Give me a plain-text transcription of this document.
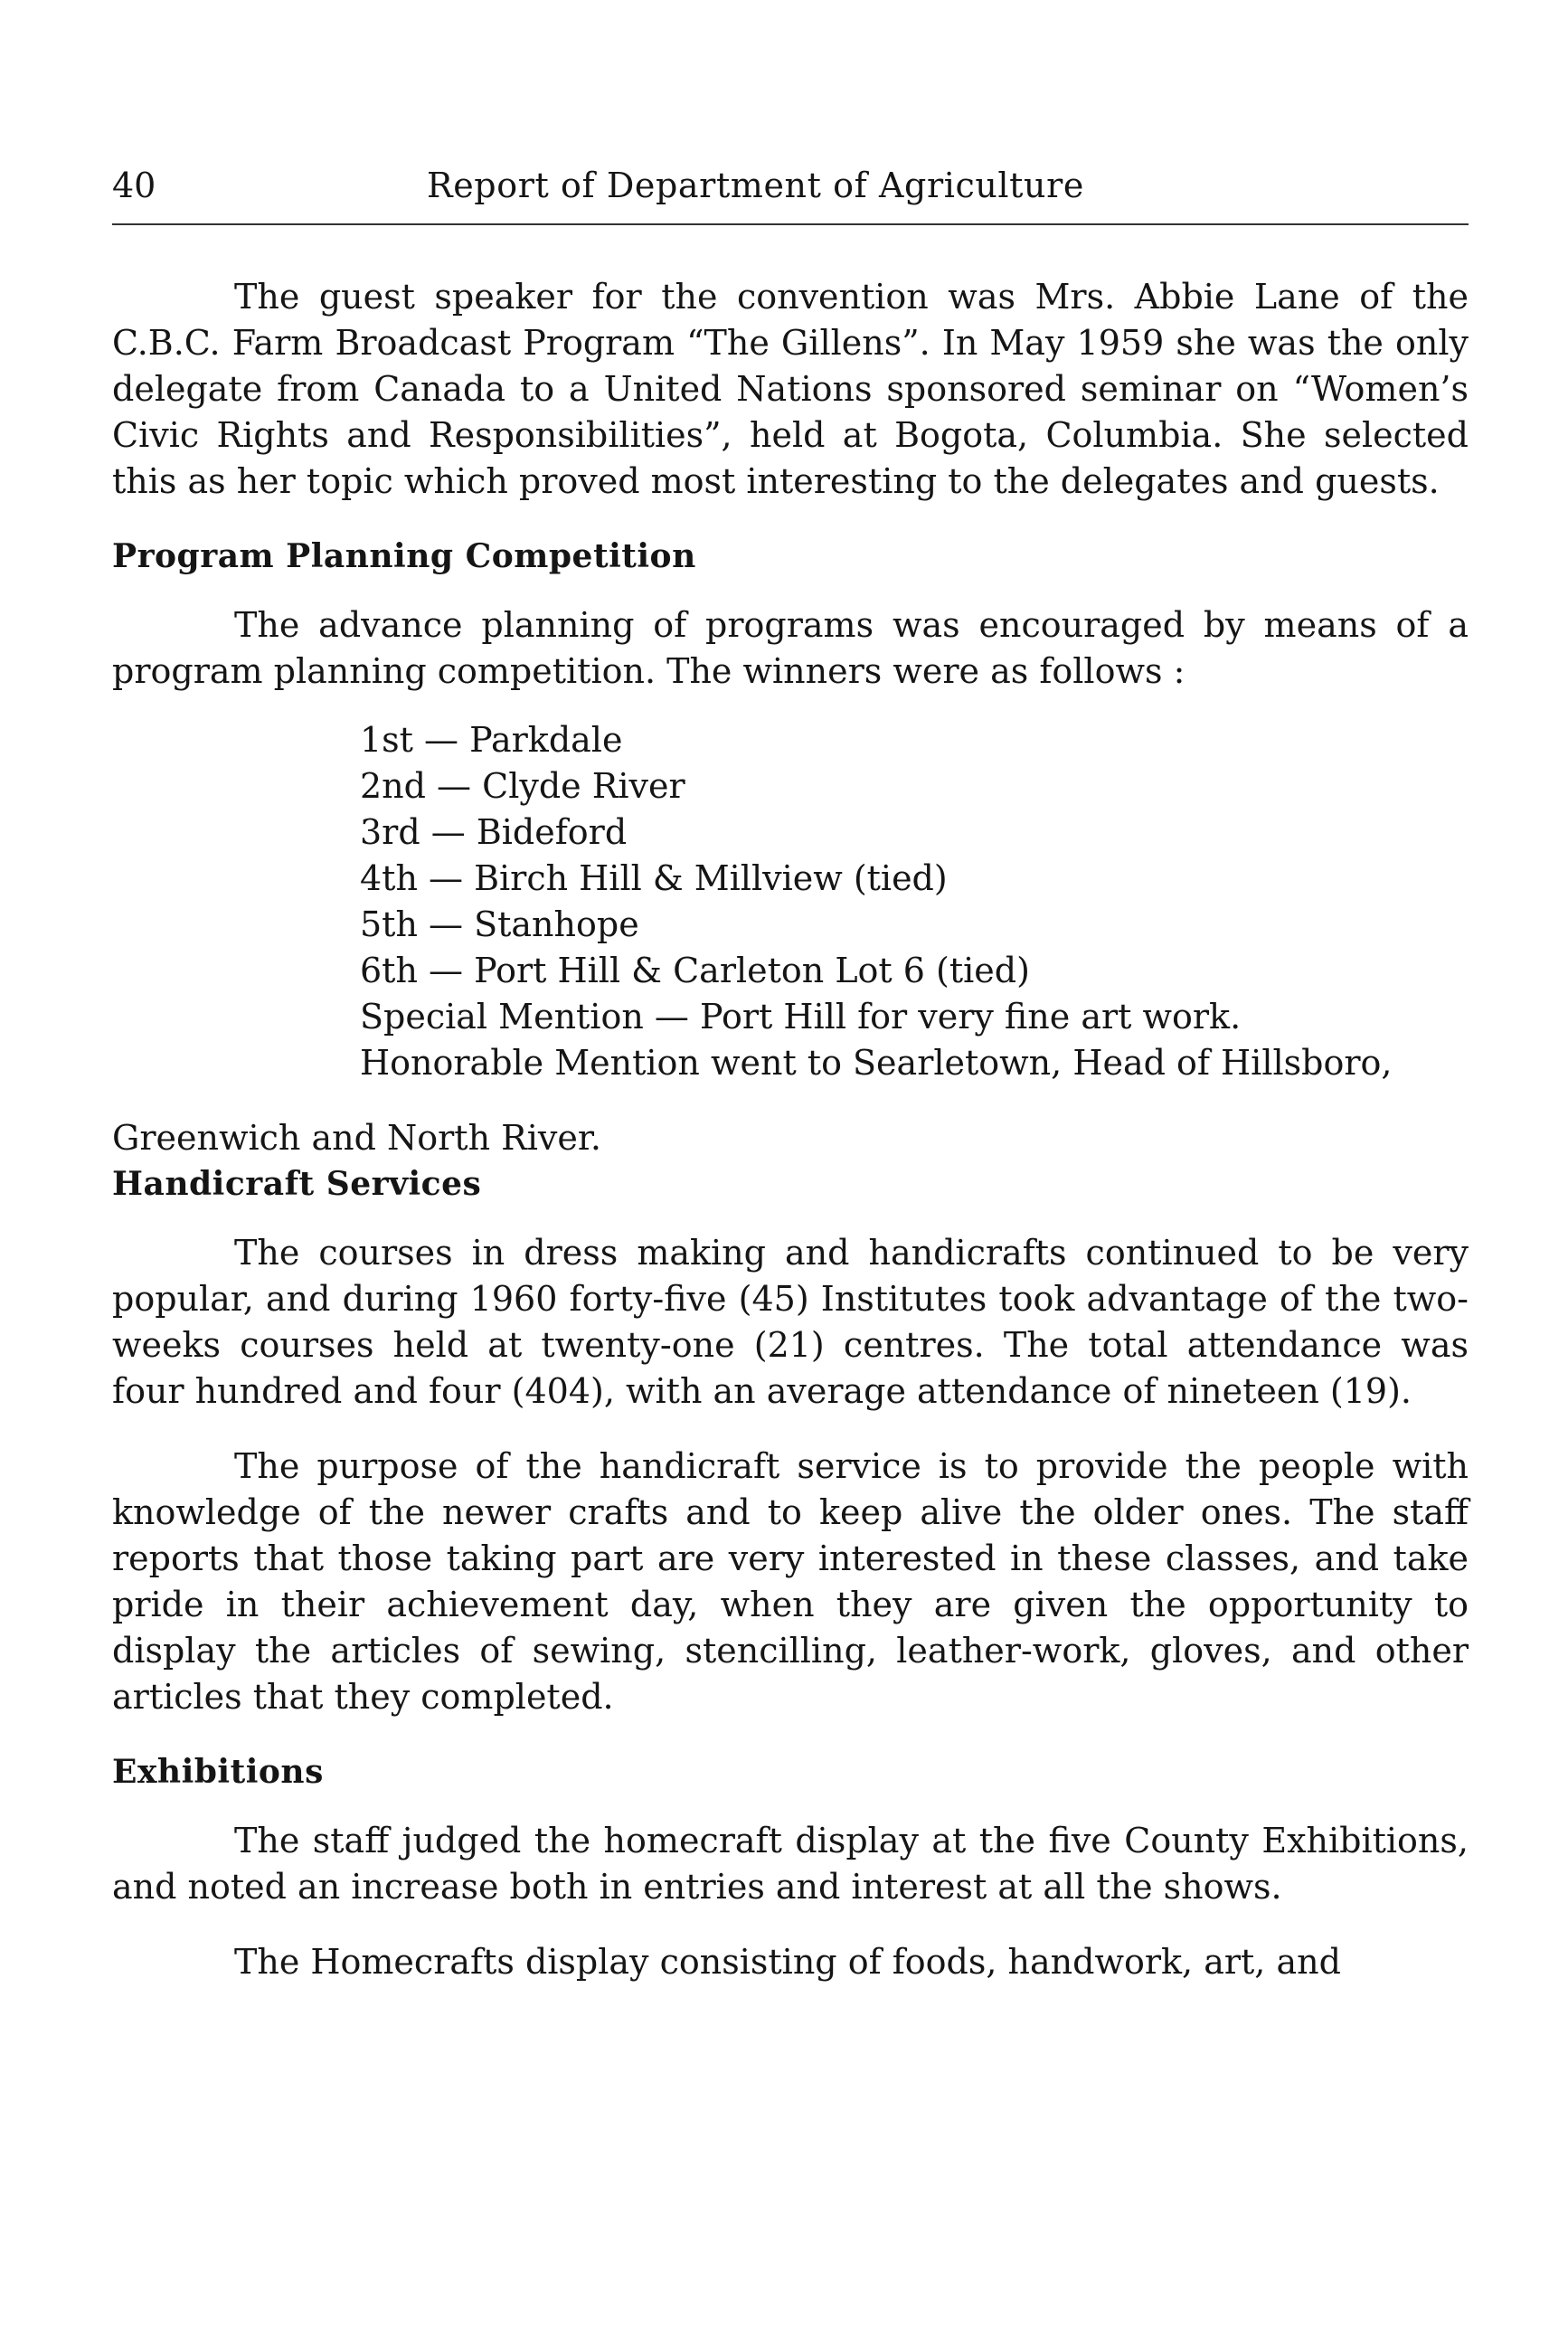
40	Report of Department of Agriculture

The guest speaker for the convention was Mrs. Abbie Lane of the C.B.C. Farm Broadcast Program “The Gillens”. In May 1959 she was the only delegate from Canada to a United Nations sponsored seminar on “Women’s Civic Rights and Responsibilities”, held at Bogota, Columbia. She selected this as her topic which proved most interesting to the delegates and guests.

Program Planning Competition

The advance planning of programs was encouraged by means of a program planning competition. The winners were as follows :

1st — Parkdale
2nd — Clyde River
3rd — Bideford
4th — Birch Hill & Millview (tied)
5th — Stanhope
6th — Port Hill & Carleton Lot 6 (tied)
Special Mention — Port Hill for very fine art work.
Honorable Mention went to Searletown, Head of Hillsboro,
Greenwich and North River.
Handicraft Services

The courses in dress making and handicrafts continued to be very popular, and during 1960 forty-five (45) Institutes took advantage of the two-weeks courses held at twenty-one (21) centres. The total attendance was four hundred and four (404), with an average attendance of nineteen (19).

The purpose of the handicraft service is to provide the people with knowledge of the newer crafts and to keep alive the older ones. The staff reports that those taking part are very interested in these classes, and take pride in their achievement day, when they are given the opportunity to display the articles of sewing, stencilling, leather-work, gloves, and other articles that they completed.

Exhibitions

The staff judged the homecraft display at the five County Exhibitions, and noted an increase both in entries and interest at all the shows.

The Homecrafts display consisting of foods, handwork, art, and
